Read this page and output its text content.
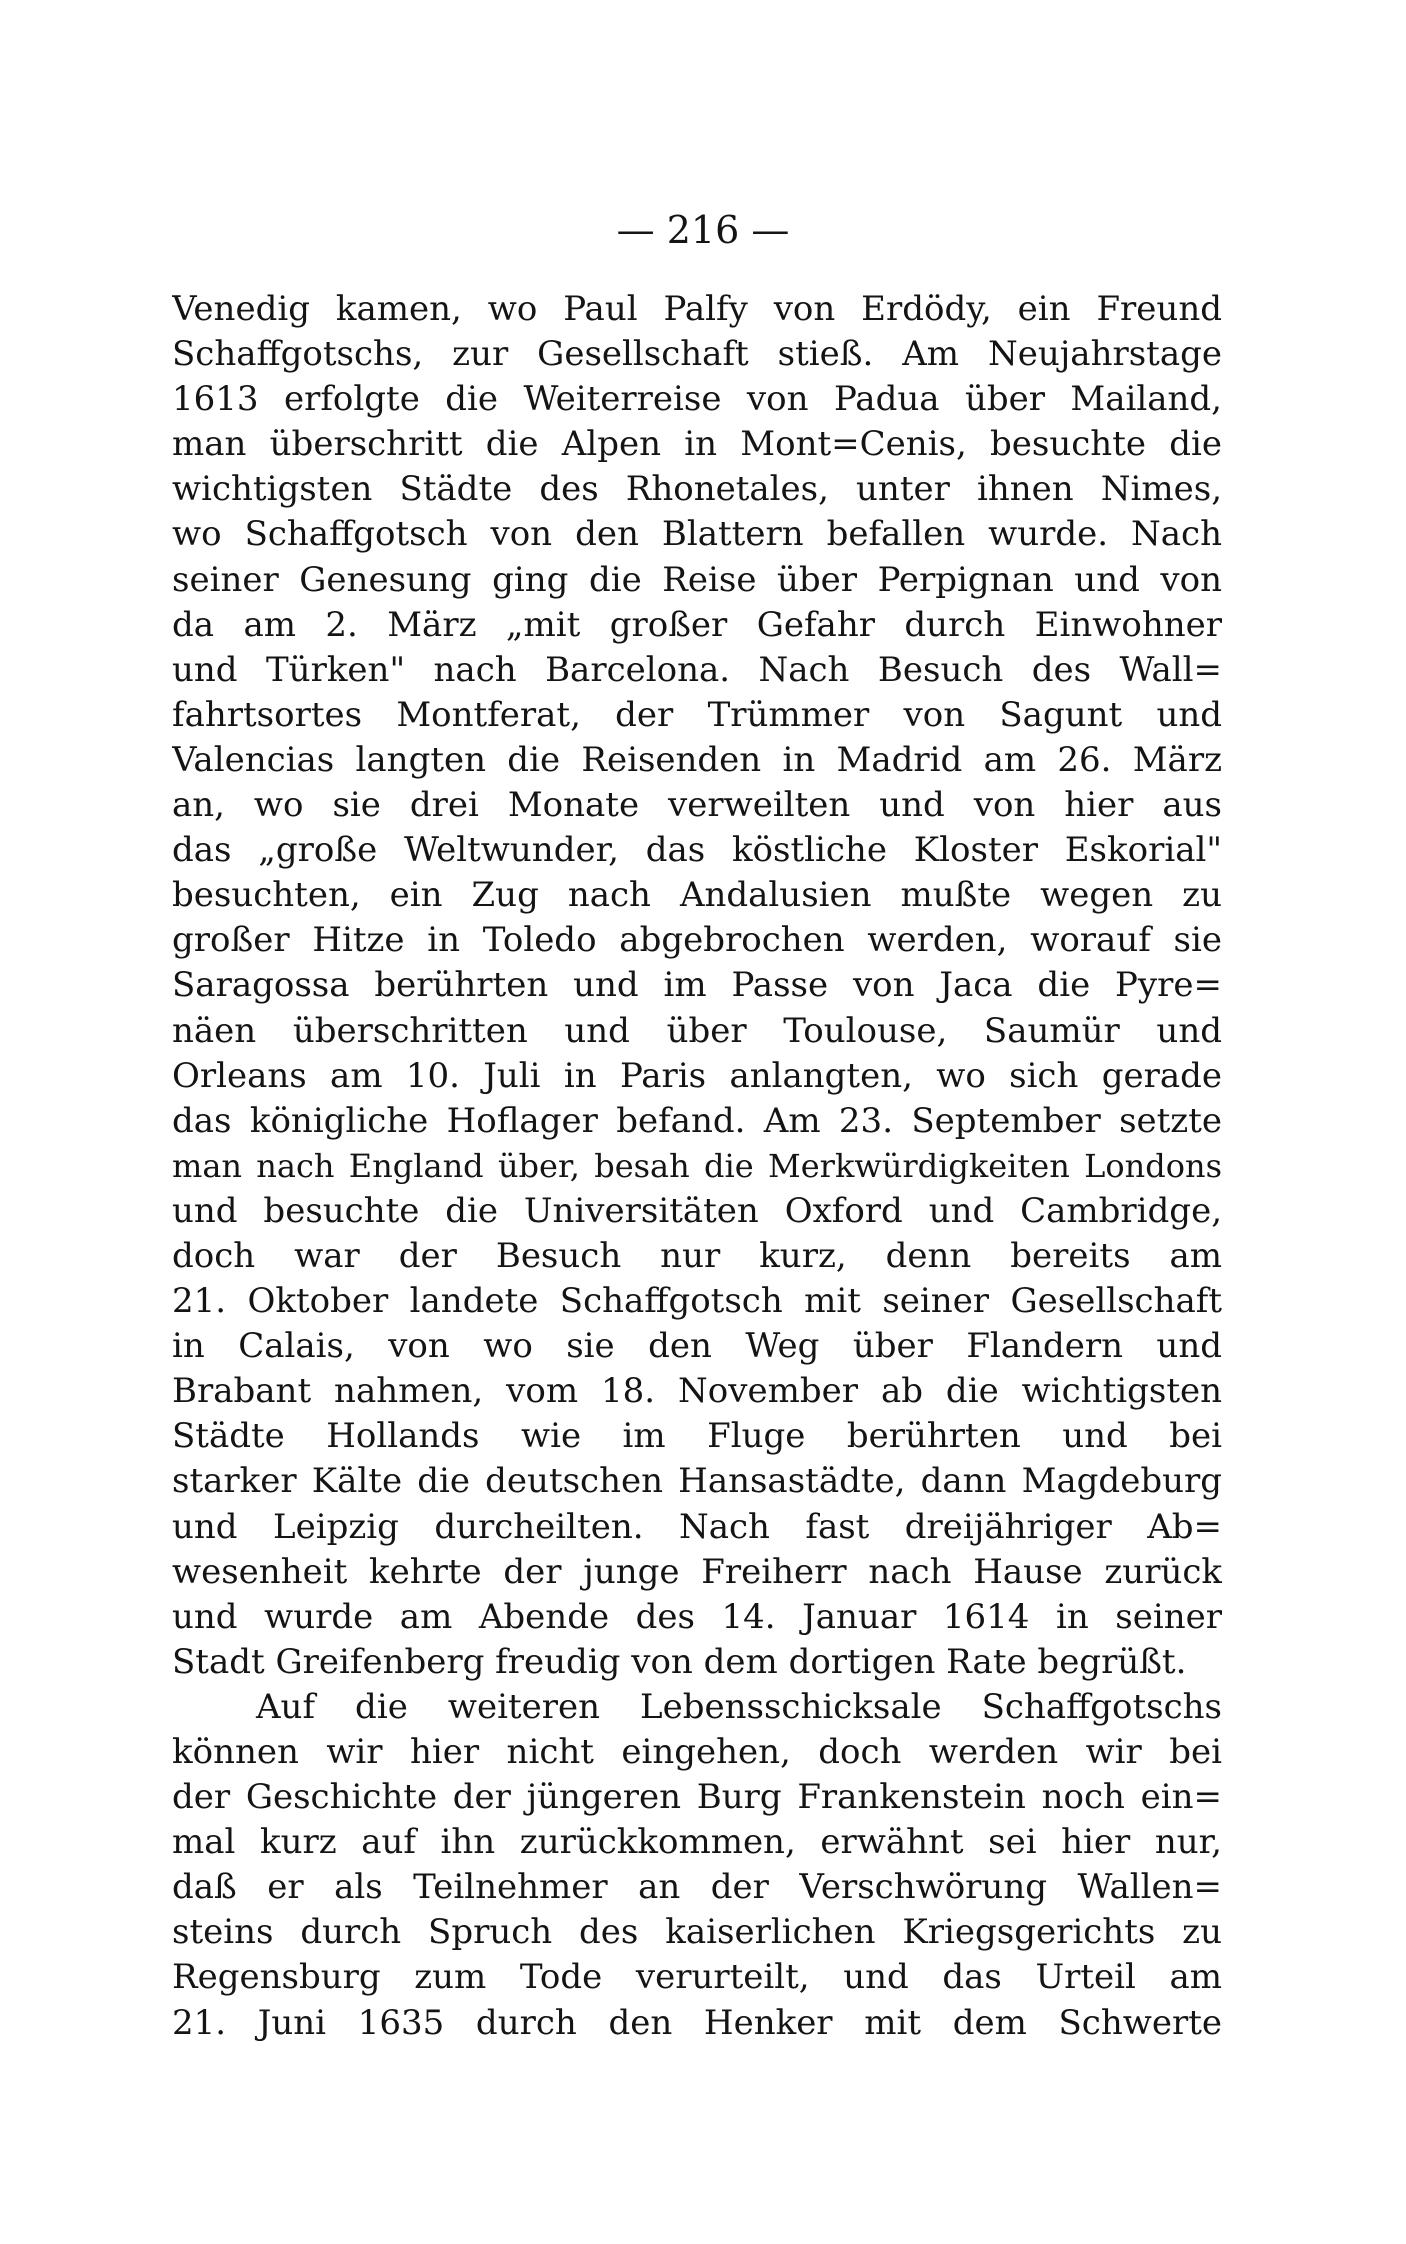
— 216 —
Venedig kamen, wo Paul Palfy von Erdödy, ein Freund
Schaffgotschs, zur Gesellschaft stieß. Am Neujahrstage
1613 erfolgte die Weiterreise von Padua über Mailand,
man überschritt die Alpen in Mont=Cenis, besuchte die
wichtigsten Städte des Rhonetales, unter ihnen Nimes,
wo Schaffgotsch von den Blattern befallen wurde. Nach
seiner Genesung ging die Reise über Perpignan und von
da am 2. März „mit großer Gefahr durch Einwohner
und Türken" nach Barcelona. Nach Besuch des Wall=
fahrtsortes Montferat, der Trümmer von Sagunt und
Valencias langten die Reisenden in Madrid am 26. März
an, wo sie drei Monate verweilten und von hier aus
das „große Weltwunder, das köstliche Kloster Eskorial"
besuchten, ein Zug nach Andalusien mußte wegen zu
großer Hitze in Toledo abgebrochen werden, worauf sie
Saragossa berührten und im Passe von Jaca die Pyre=
näen überschritten und über Toulouse, Saumür und
Orleans am 10. Juli in Paris anlangten, wo sich gerade
das königliche Hoflager befand. Am 23. September setzte
man nach England über, besah die Merkwürdigkeiten Londons
und besuchte die Universitäten Oxford und Cambridge,
doch war der Besuch nur kurz, denn bereits am
21. Oktober landete Schaffgotsch mit seiner Gesellschaft
in Calais, von wo sie den Weg über Flandern und
Brabant nahmen, vom 18. November ab die wichtigsten
Städte Hollands wie im Fluge berührten und bei
starker Kälte die deutschen Hansastädte, dann Magdeburg
und Leipzig durcheilten. Nach fast dreijähriger Ab=
wesenheit kehrte der junge Freiherr nach Hause zurück
und wurde am Abende des 14. Januar 1614 in seiner
Stadt Greifenberg freudig von dem dortigen Rate begrüßt.
Auf die weiteren Lebensschicksale Schaffgotschs
können wir hier nicht eingehen, doch werden wir bei
der Geschichte der jüngeren Burg Frankenstein noch ein=
mal kurz auf ihn zurückkommen, erwähnt sei hier nur,
daß er als Teilnehmer an der Verschwörung Wallen=
steins durch Spruch des kaiserlichen Kriegsgerichts zu
Regensburg zum Tode verurteilt, und das Urteil am
21. Juni 1635 durch den Henker mit dem Schwerte
